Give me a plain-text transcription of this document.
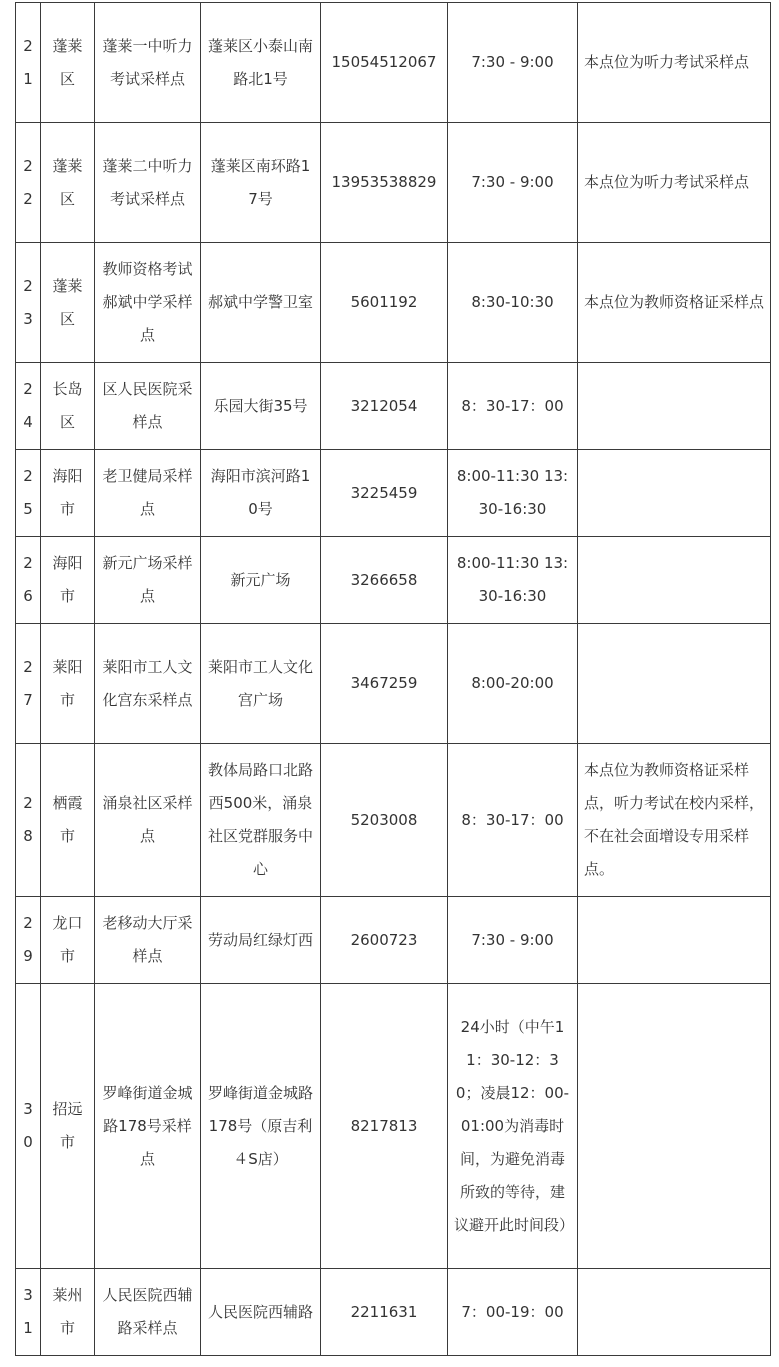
21	蓬莱区	蓬莱一中听力考试采样点	蓬莱区小泰山南路北1号	15054512067	7:30 - 9:00	本点位为听力考试采样点
22	蓬莱区	蓬莱二中听力考试采样点	蓬莱区南环路17号	13953538829	7:30 - 9:00	本点位为听力考试采样点
23	蓬莱区	教师资格考试郝斌中学采样点	郝斌中学警卫室	5601192	8:30-10:30	本点位为教师资格证采样点
24	长岛区	区人民医院采样点	乐园大街35号	3212054	8：30-17：00	
25	海阳市	老卫健局采样点	海阳市滨河路10号	3225459	8:00-11:30 13:30-16:30	
26	海阳市	新元广场采样点	新元广场	3266658	8:00-11:30 13:30-16:30	
27	莱阳市	莱阳市工人文化宫东采样点	莱阳市工人文化宫广场	3467259	8:00-20:00	
28	栖霞市	涌泉社区采样点	教体局路口北路西500米，涌泉社区党群服务中心	5203008	8：30-17：00	本点位为教师资格证采样点，听力考试在校内采样，不在社会面增设专用采样点。
29	龙口市	老移动大厅采样点	劳动局红绿灯西	2600723	7:30 - 9:00	
30	招远市	罗峰街道金城路178号采样点	罗峰街道金城路178号（原吉利４S店）	8217813	24小时（中午11：30-12：30；凌晨12：00-01:00为消毒时间，为避免消毒所致的等待，建议避开此时间段）	
31	莱州市	人民医院西辅路采样点	人民医院西辅路	2211631	7：00-19：00	
